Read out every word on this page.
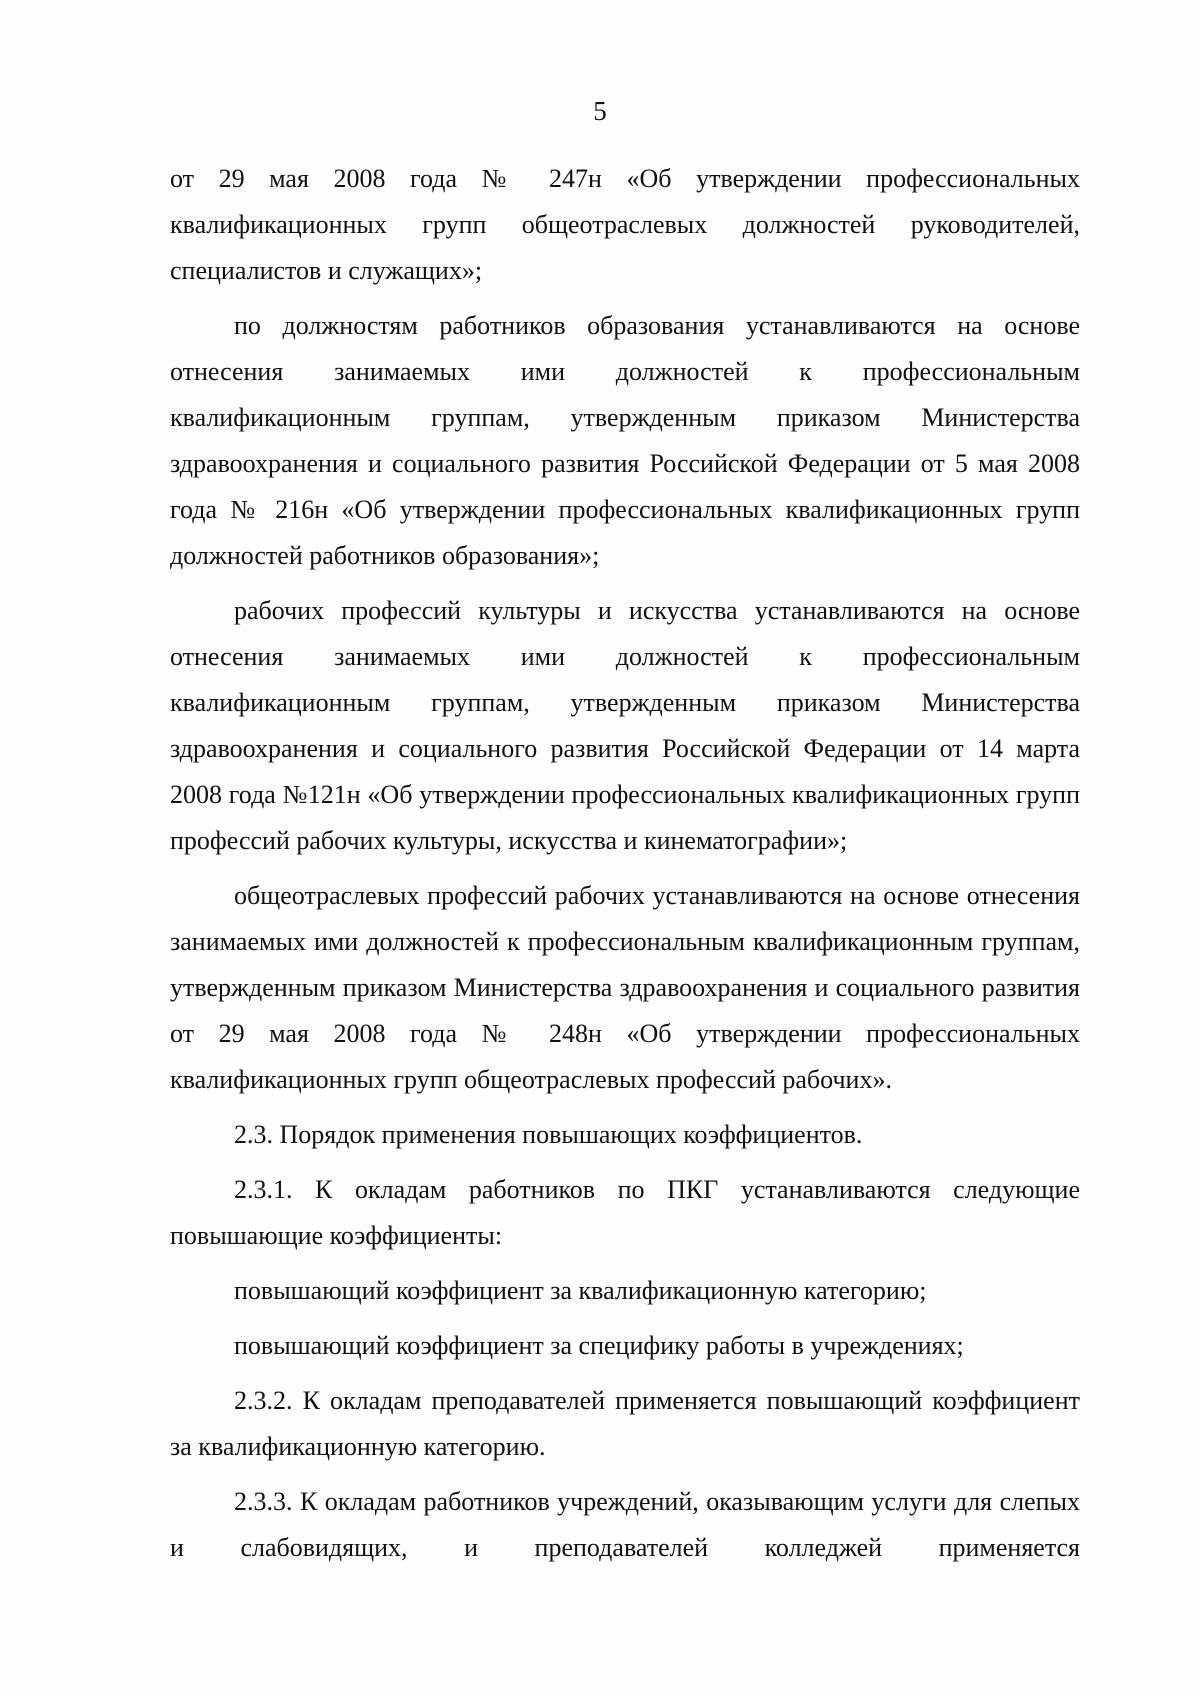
5

от 29 мая 2008 года № 247н «Об утверждении профессиональных квалификационных групп общеотраслевых должностей руководителей, специалистов и служащих»;

по должностям работников образования устанавливаются на основе отнесения занимаемых ими должностей к профессиональным квалификационным группам, утвержденным приказом Министерства здравоохранения и социального развития Российской Федерации от 5 мая 2008 года № 216н «Об утверждении профессиональных квалификационных групп должностей работников образования»;

рабочих профессий культуры и искусства устанавливаются на основе отнесения занимаемых ими должностей к профессиональным квалификационным группам, утвержденным приказом Министерства здравоохранения и социального развития Российской Федерации от 14 марта 2008 года №121н «Об утверждении профессиональных квалификационных групп профессий рабочих культуры, искусства и кинематографии»;

общеотраслевых профессий рабочих устанавливаются на основе отнесения занимаемых ими должностей к профессиональным квалификационным группам, утвержденным приказом Министерства здравоохранения и социального развития от 29 мая 2008 года № 248н «Об утверждении профессиональных квалификационных групп общеотраслевых профессий рабочих».

2.3. Порядок применения повышающих коэффициентов.

2.3.1. К окладам работников по ПКГ устанавливаются следующие повышающие коэффициенты:

повышающий коэффициент за квалификационную категорию;

повышающий коэффициент за специфику работы в учреждениях;

2.3.2. К окладам преподавателей применяется повышающий коэффициент за квалификационную категорию.

2.3.3. К окладам работников учреждений, оказывающим услуги для слепых и слабовидящих, и преподавателей колледжей применяется
